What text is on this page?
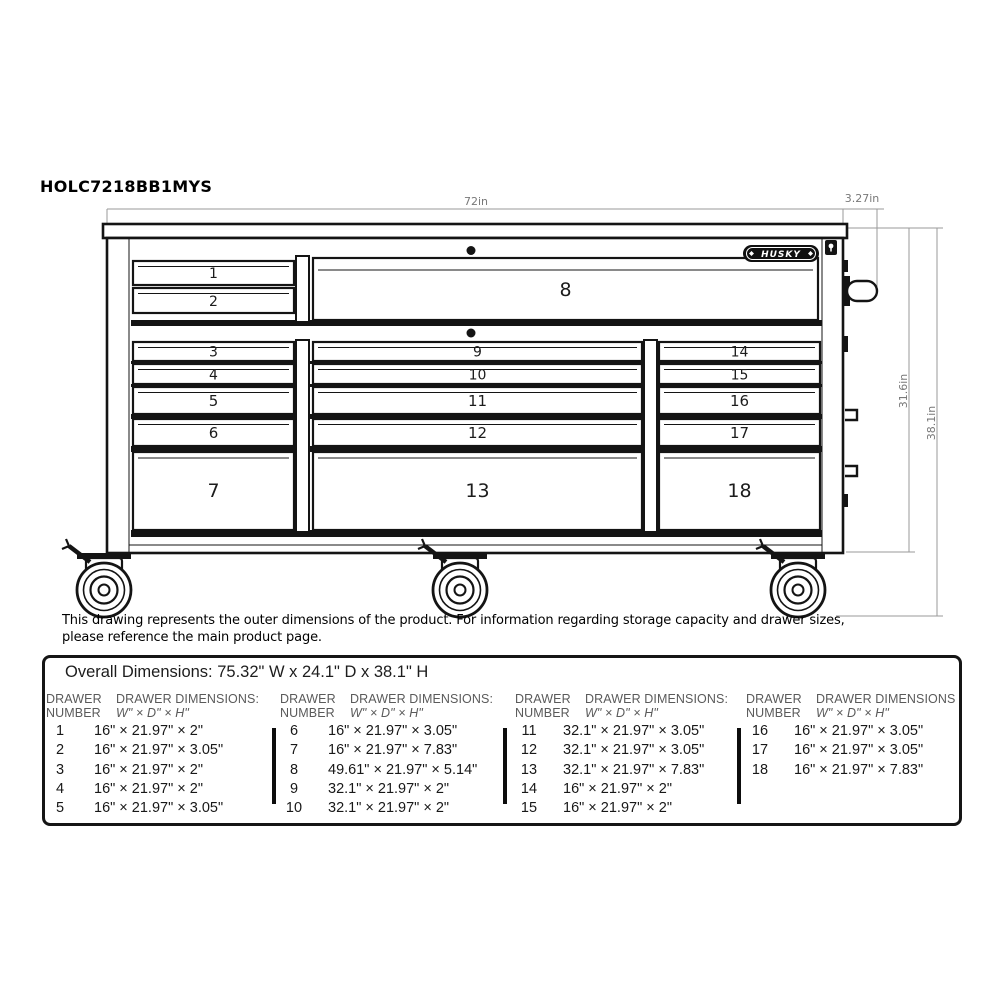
HOLC7218BB1MYS
72in	3.27in
31.6in
38.1in
1
2
8
3
4
5
6
7
9
10
11
12
13
14
15
16
17
18
HUSKY
This drawing represents the outer dimensions of the product. For information regarding storage capacity and drawer sizes,
please reference the main product page.
Overall Dimensions: 75.32" W x 24.1" D x 38.1" H
DRAWER	DRAWER DIMENSIONS:
NUMBER	W" × D" × H"
1	16" × 21.97" × 2"
2	16" × 21.97" × 3.05"
3	16" × 21.97" × 2"
4	16" × 21.97" × 2"
5	16" × 21.97" × 3.05"
DRAWER	DRAWER DIMENSIONS:
NUMBER	W" × D" × H"
6	16" × 21.97" × 3.05"
7	16" × 21.97" × 7.83"
8	49.61" × 21.97" × 5.14"
9	32.1" × 21.97" × 2"
10	32.1" × 21.97" × 2"
DRAWER	DRAWER DIMENSIONS:
NUMBER	W" × D" × H"
11	32.1" × 21.97" × 3.05"
12	32.1" × 21.97" × 3.05"
13	32.1" × 21.97" × 7.83"
14	16" × 21.97" × 2"
15	16" × 21.97" × 2"
DRAWER	DRAWER DIMENSIONS
NUMBER	W" × D" × H"
16	16" × 21.97" × 3.05"
17	16" × 21.97" × 3.05"
18	16" × 21.97" × 7.83"
